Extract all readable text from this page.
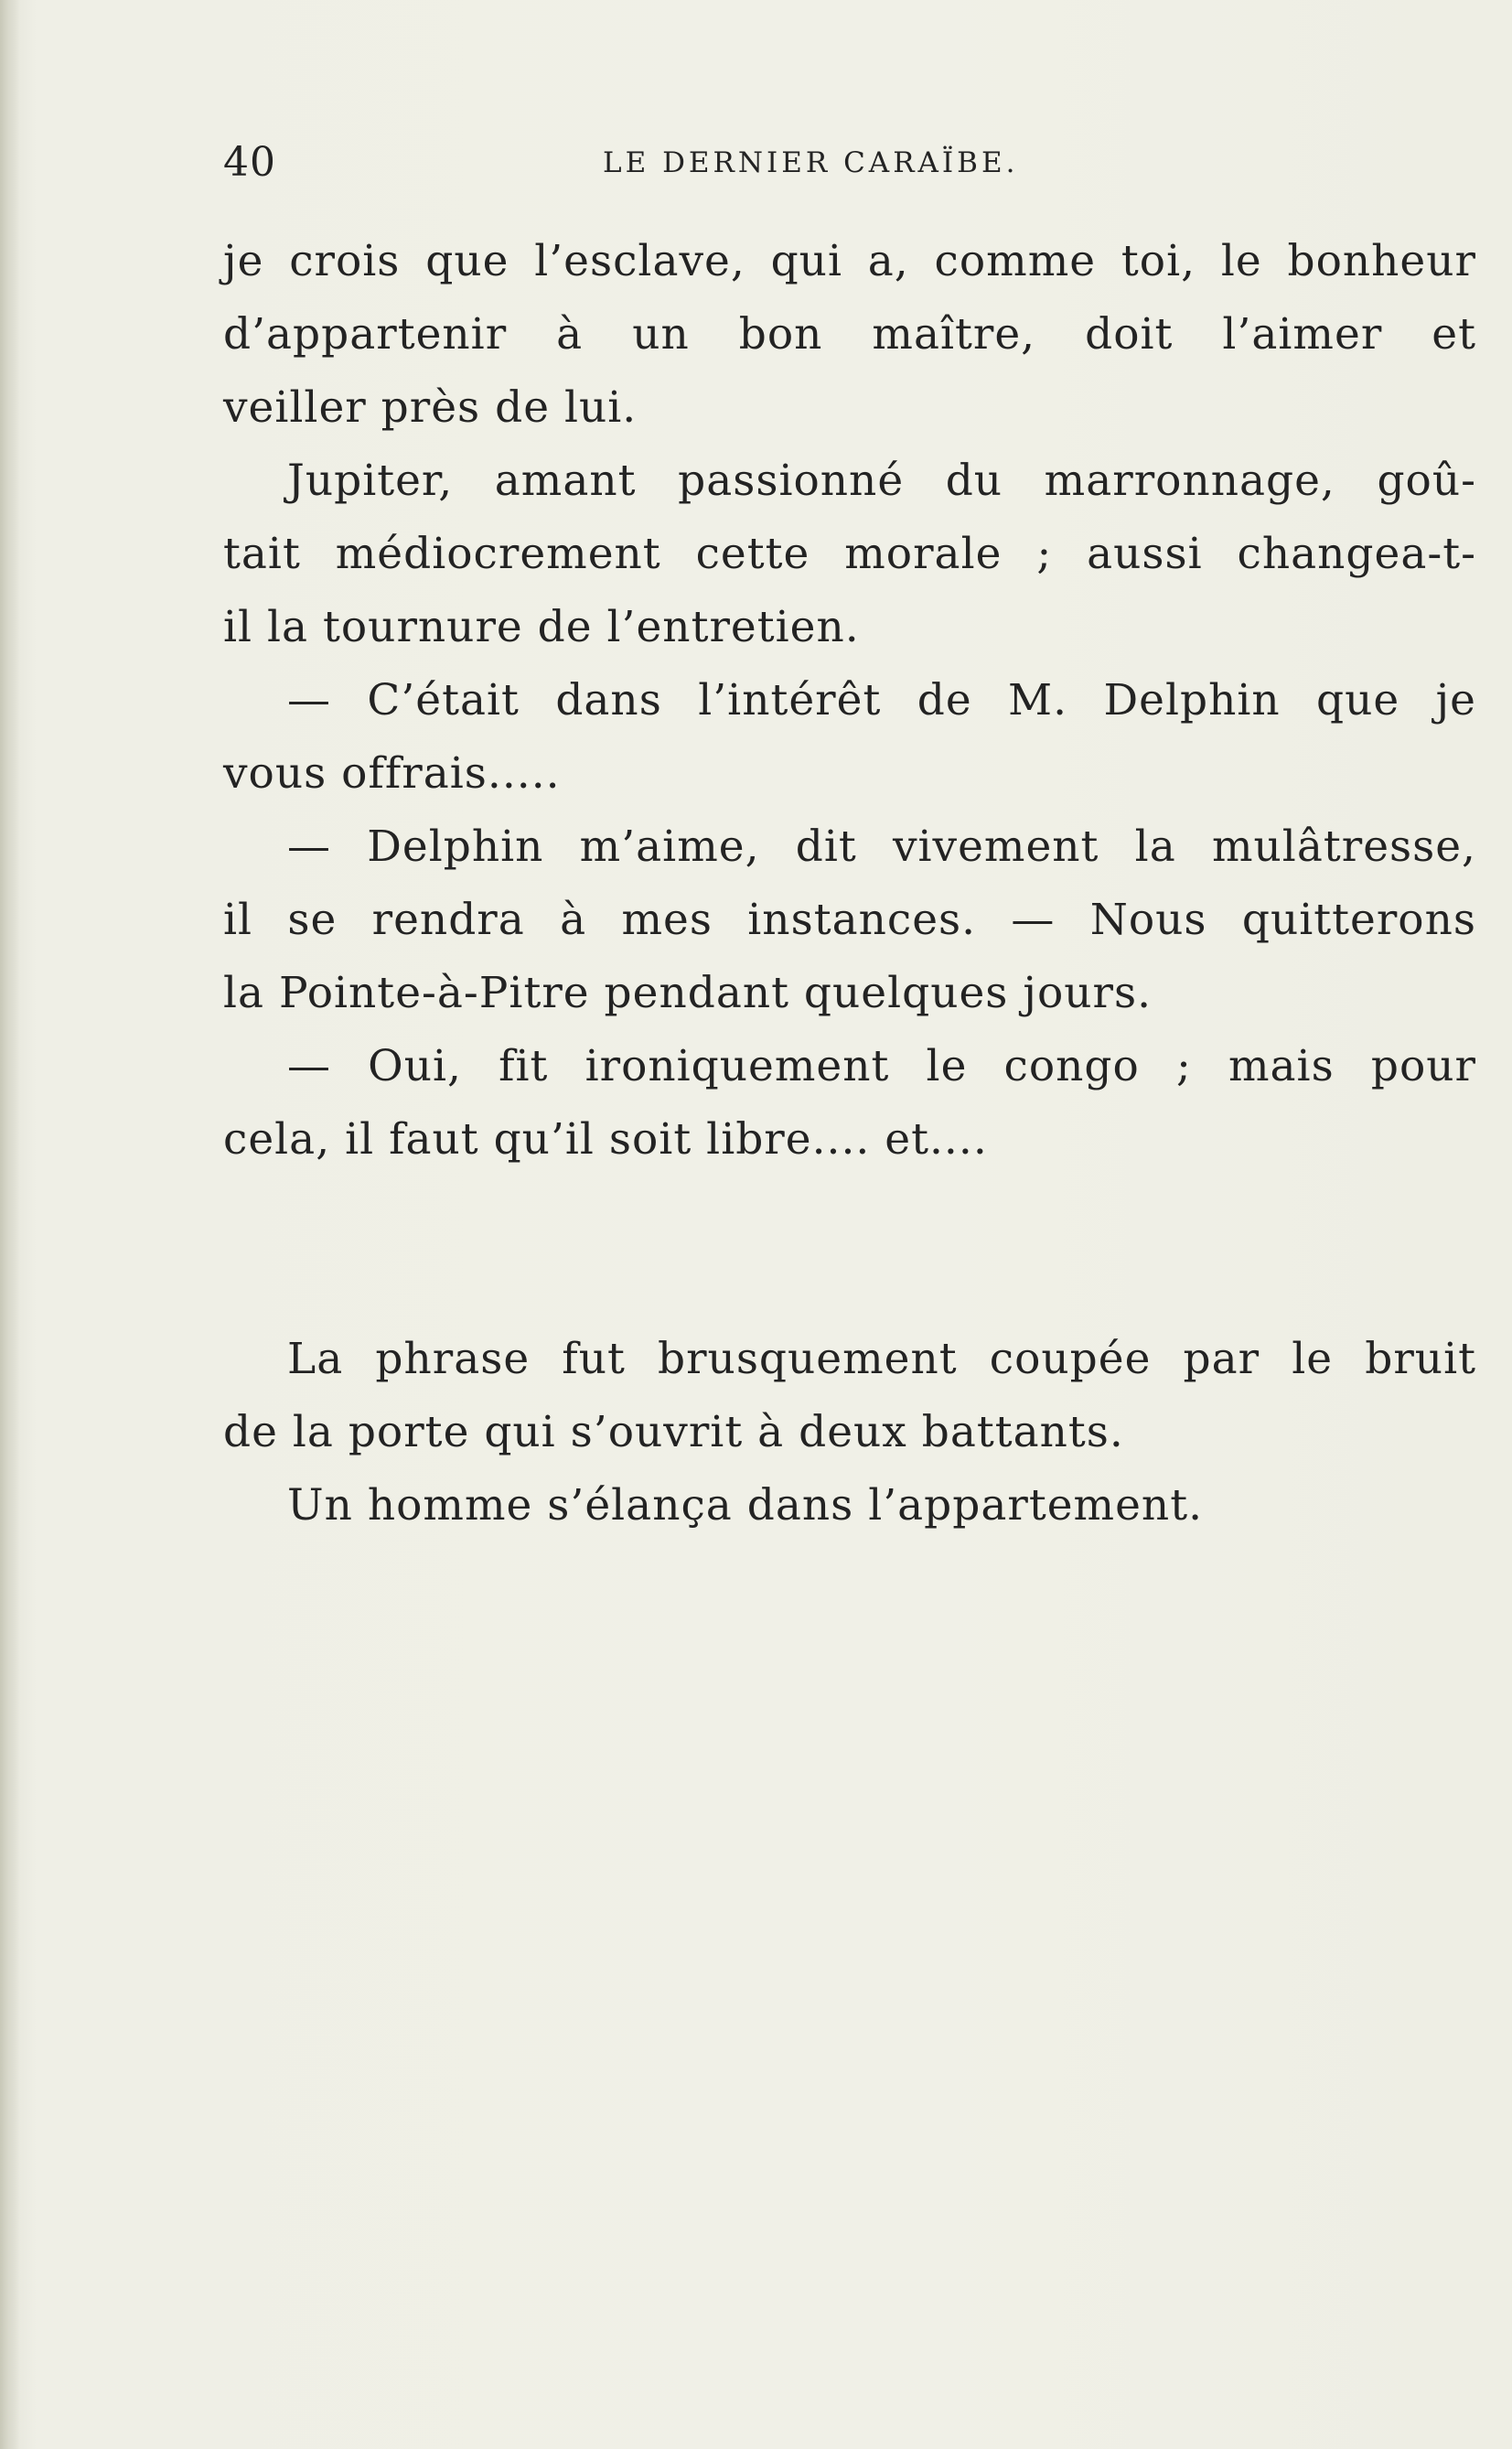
40	LE DERNIER CARAÏBE.
je crois que l’esclave, qui a, comme toi, le bonheur
d’appartenir à un bon maître, doit l’aimer et
veiller près de lui.
Jupiter, amant passionné du marronnage, goû-
tait médiocrement cette morale ; aussi changea-t-
il la tournure de l’entretien.
— C’était dans l’intérêt de M. Delphin que je
vous offrais.....
— Delphin m’aime, dit vivement la mulâtresse,
il se rendra à mes instances. — Nous quitterons
la Pointe-à-Pitre pendant quelques jours.
— Oui, fit ironiquement le congo ; mais pour
cela, il faut qu’il soit libre.... et....
La phrase fut brusquement coupée par le bruit
de la porte qui s’ouvrit à deux battants.
Un homme s’élança dans l’appartement.
